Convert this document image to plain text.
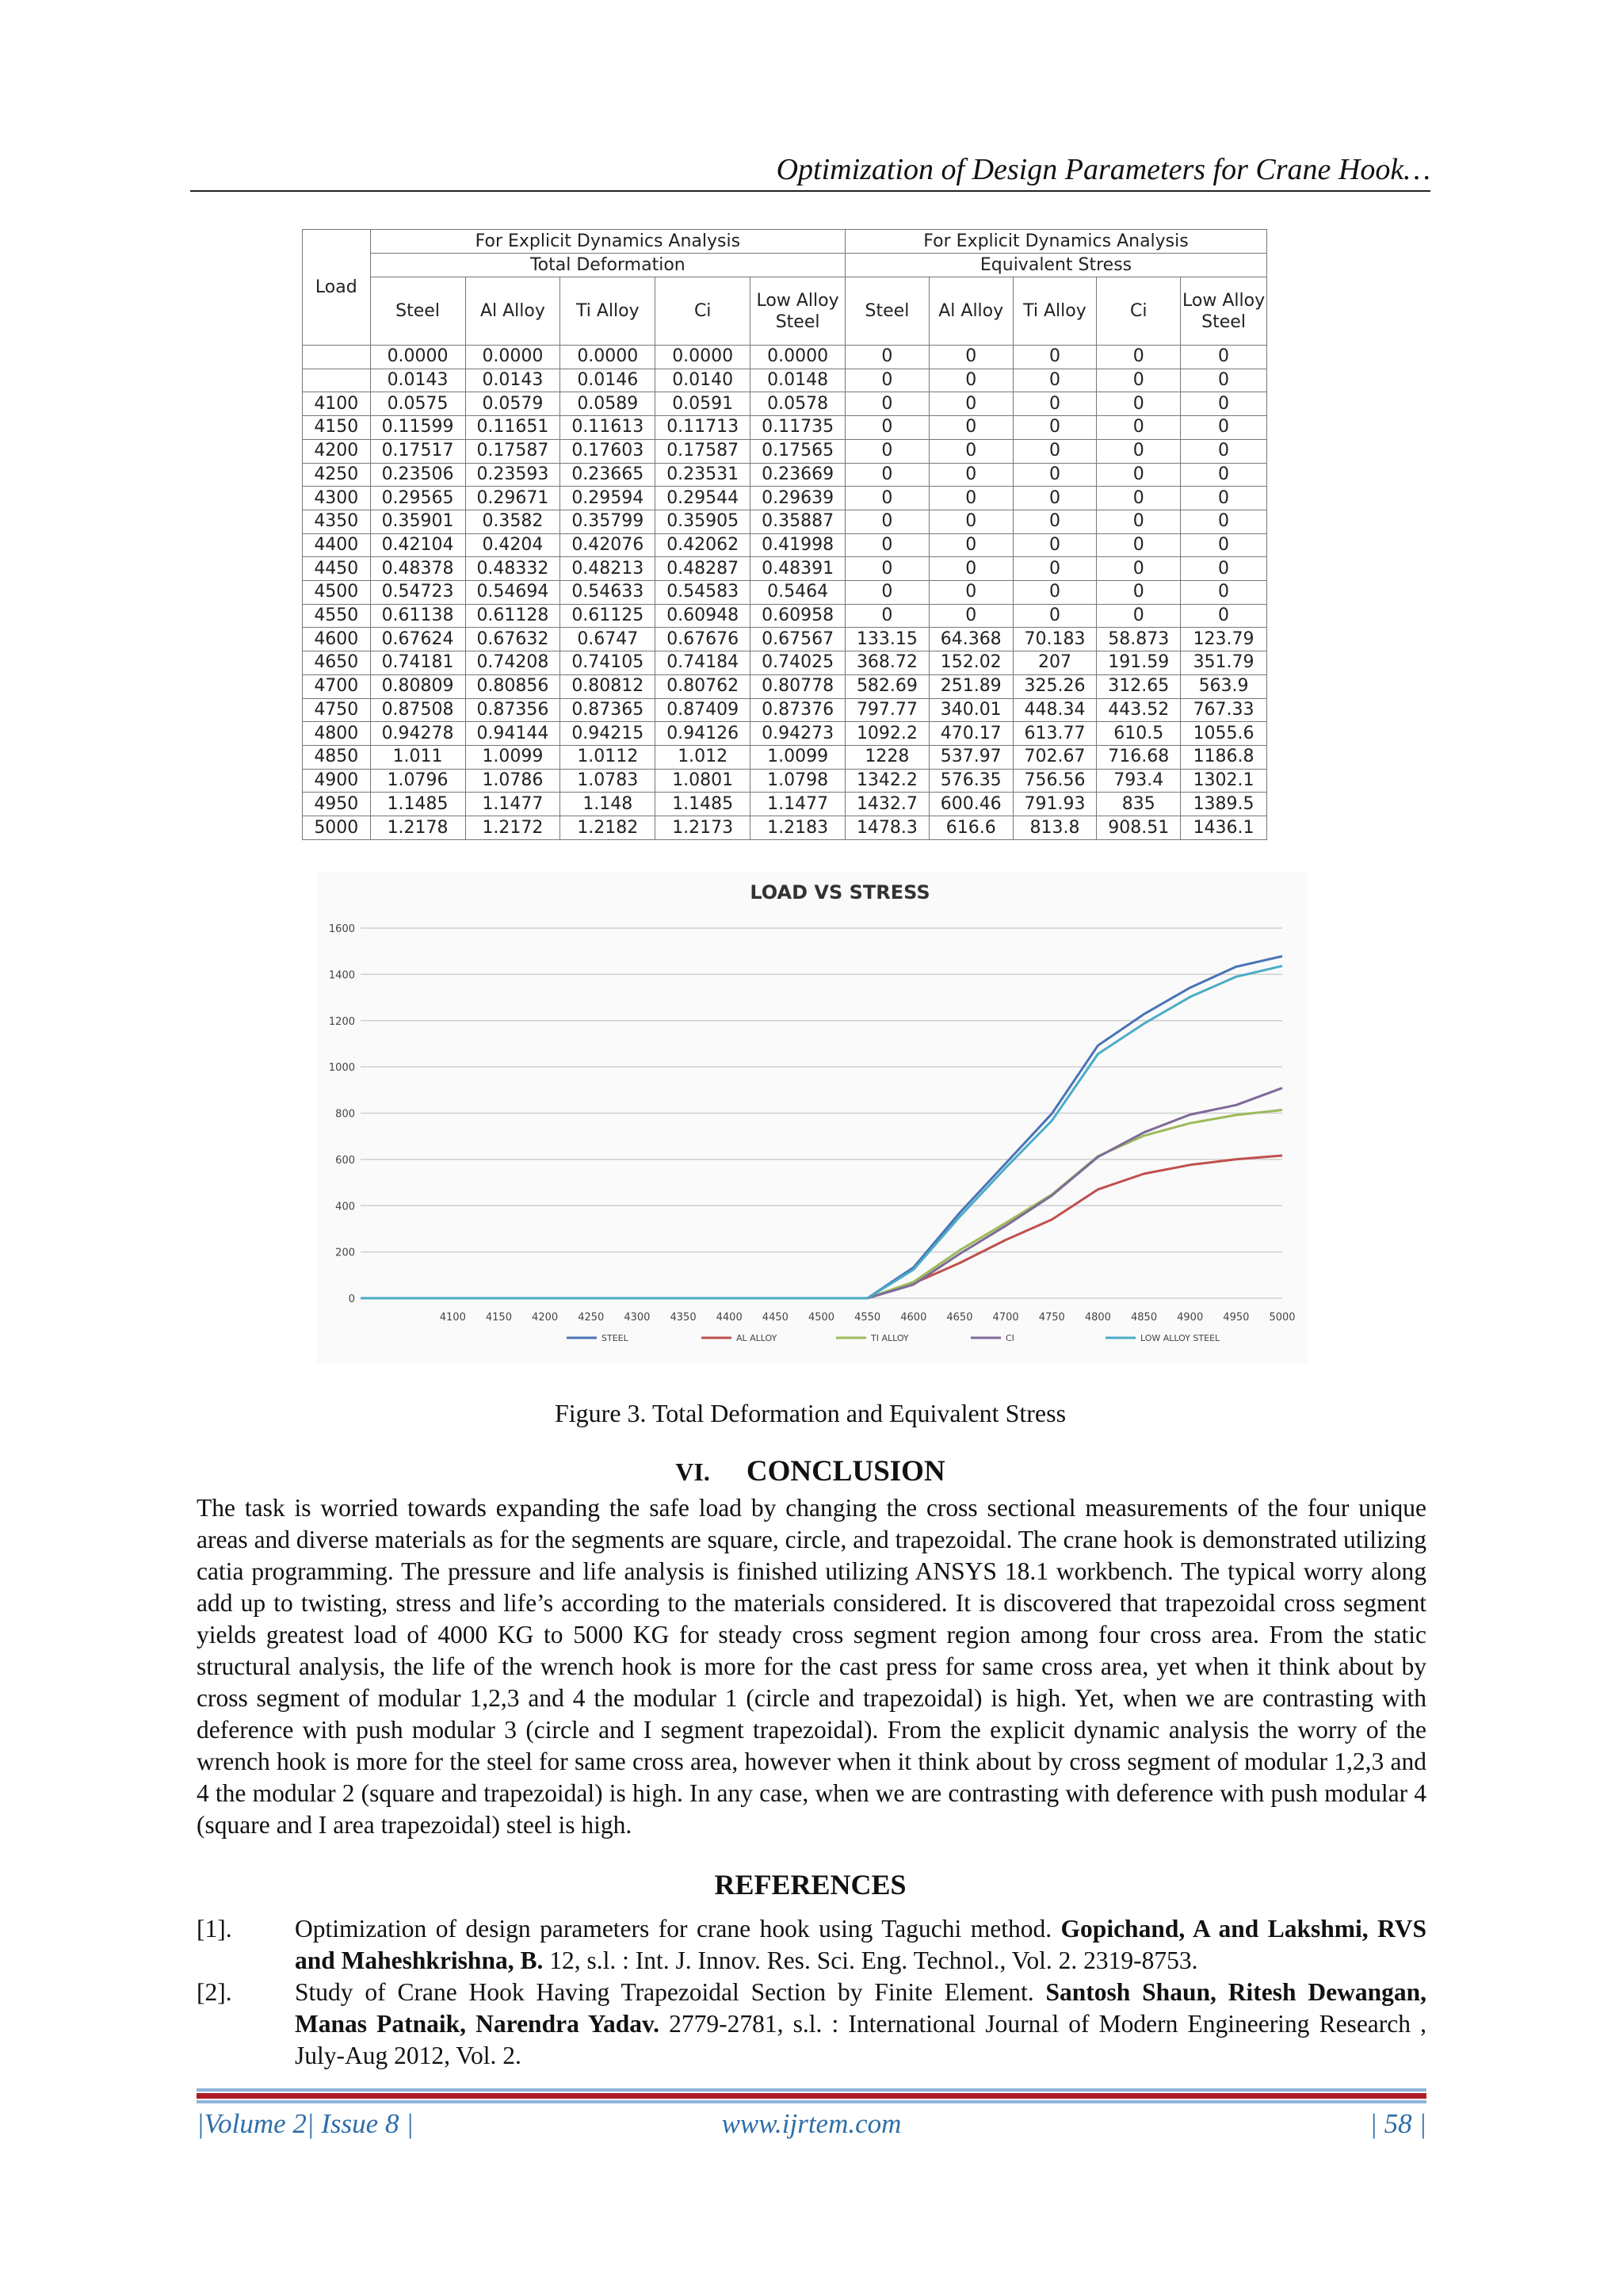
Optimization of Design Parameters for Crane Hook…
Load	For Explicit Dynamics Analysis					For Explicit Dynamics Analysis				
	Total Deformation					Equivalent Stress				
	Steel	Al Alloy	Ti Alloy	Ci	Low Alloy Steel	Steel	Al Alloy	Ti Alloy	Ci	Low Alloy Steel
	0.0000	0.0000	0.0000	0.0000	0.0000	0	0	0	0	0
	0.0143	0.0143	0.0146	0.0140	0.0148	0	0	0	0	0
4100	0.0575	0.0579	0.0589	0.0591	0.0578	0	0	0	0	0
4150	0.11599	0.11651	0.11613	0.11713	0.11735	0	0	0	0	0
4200	0.17517	0.17587	0.17603	0.17587	0.17565	0	0	0	0	0
4250	0.23506	0.23593	0.23665	0.23531	0.23669	0	0	0	0	0
4300	0.29565	0.29671	0.29594	0.29544	0.29639	0	0	0	0	0
4350	0.35901	0.3582	0.35799	0.35905	0.35887	0	0	0	0	0
4400	0.42104	0.4204	0.42076	0.42062	0.41998	0	0	0	0	0
4450	0.48378	0.48332	0.48213	0.48287	0.48391	0	0	0	0	0
4500	0.54723	0.54694	0.54633	0.54583	0.5464	0	0	0	0	0
4550	0.61138	0.61128	0.61125	0.60948	0.60958	0	0	0	0	0
4600	0.67624	0.67632	0.6747	0.67676	0.67567	133.15	64.368	70.183	58.873	123.79
4650	0.74181	0.74208	0.74105	0.74184	0.74025	368.72	152.02	207	191.59	351.79
4700	0.80809	0.80856	0.80812	0.80762	0.80778	582.69	251.89	325.26	312.65	563.9
4750	0.87508	0.87356	0.87365	0.87409	0.87376	797.77	340.01	448.34	443.52	767.33
4800	0.94278	0.94144	0.94215	0.94126	0.94273	1092.2	470.17	613.77	610.5	1055.6
4850	1.011	1.0099	1.0112	1.012	1.0099	1228	537.97	702.67	716.68	1186.8
4900	1.0796	1.0786	1.0783	1.0801	1.0798	1342.2	576.35	756.56	793.4	1302.1
4950	1.1485	1.1477	1.148	1.1485	1.1477	1432.7	600.46	791.93	835	1389.5
5000	1.2178	1.2172	1.2182	1.2173	1.2183	1478.3	616.6	813.8	908.51	1436.1
LOAD VS STRESS
0
200
400
600
800
1000
1200
1400
1600
4100 4150 4200 4250 4300 4350 4400 4450 4500 4550 4600 4650 4700 4750 4800 4850 4900 4950 5000
STEEL	AL ALLOY	TI ALLOY	CI	LOW ALLOY STEEL
Figure 3. Total Deformation and Equivalent Stress
VI. CONCLUSION

The task is worried towards expanding the safe load by changing the cross sectional measurements of the four unique areas and diverse materials as for the segments are square, circle, and trapezoidal. The crane hook is demonstrated utilizing catia programming. The pressure and life analysis is finished utilizing ANSYS 18.1 workbench. The typical worry along add up to twisting, stress and life’s according to the materials considered. It is discovered that trapezoidal cross segment yields greatest load of 4000 KG to 5000 KG for steady cross segment region among four cross area. From the static structural analysis, the life of the wrench hook is more for the cast press for same cross area, yet when it think about by cross segment of modular 1,2,3 and 4 the modular 1 (circle and trapezoidal) is high. Yet, when we are contrasting with deference with push modular 3 (circle and I segment trapezoidal). From the explicit dynamic analysis the worry of the wrench hook is more for the steel for same cross area, however when it think about by cross segment of modular 1,2,3 and 4 the modular 2 (square and trapezoidal) is high. In any case, when we are contrasting with deference with push modular 4 (square and I area trapezoidal) steel is high.

REFERENCES
[1].	Optimization of design parameters for crane hook using Taguchi method. Gopichand, A and Lakshmi, RVS and Maheshkrishna, B. 12, s.l. : Int. J. Innov. Res. Sci. Eng. Technol., Vol. 2. 2319-8753.
[2].	Study of Crane Hook Having Trapezoidal Section by Finite Element. Santosh Shaun, Ritesh Dewangan, Manas Patnaik, Narendra Yadav. 2779-2781, s.l. : International Journal of Modern Engineering Research , July-Aug 2012, Vol. 2.
|Volume 2| Issue 8 |	www.ijrtem.com	| 58 |
